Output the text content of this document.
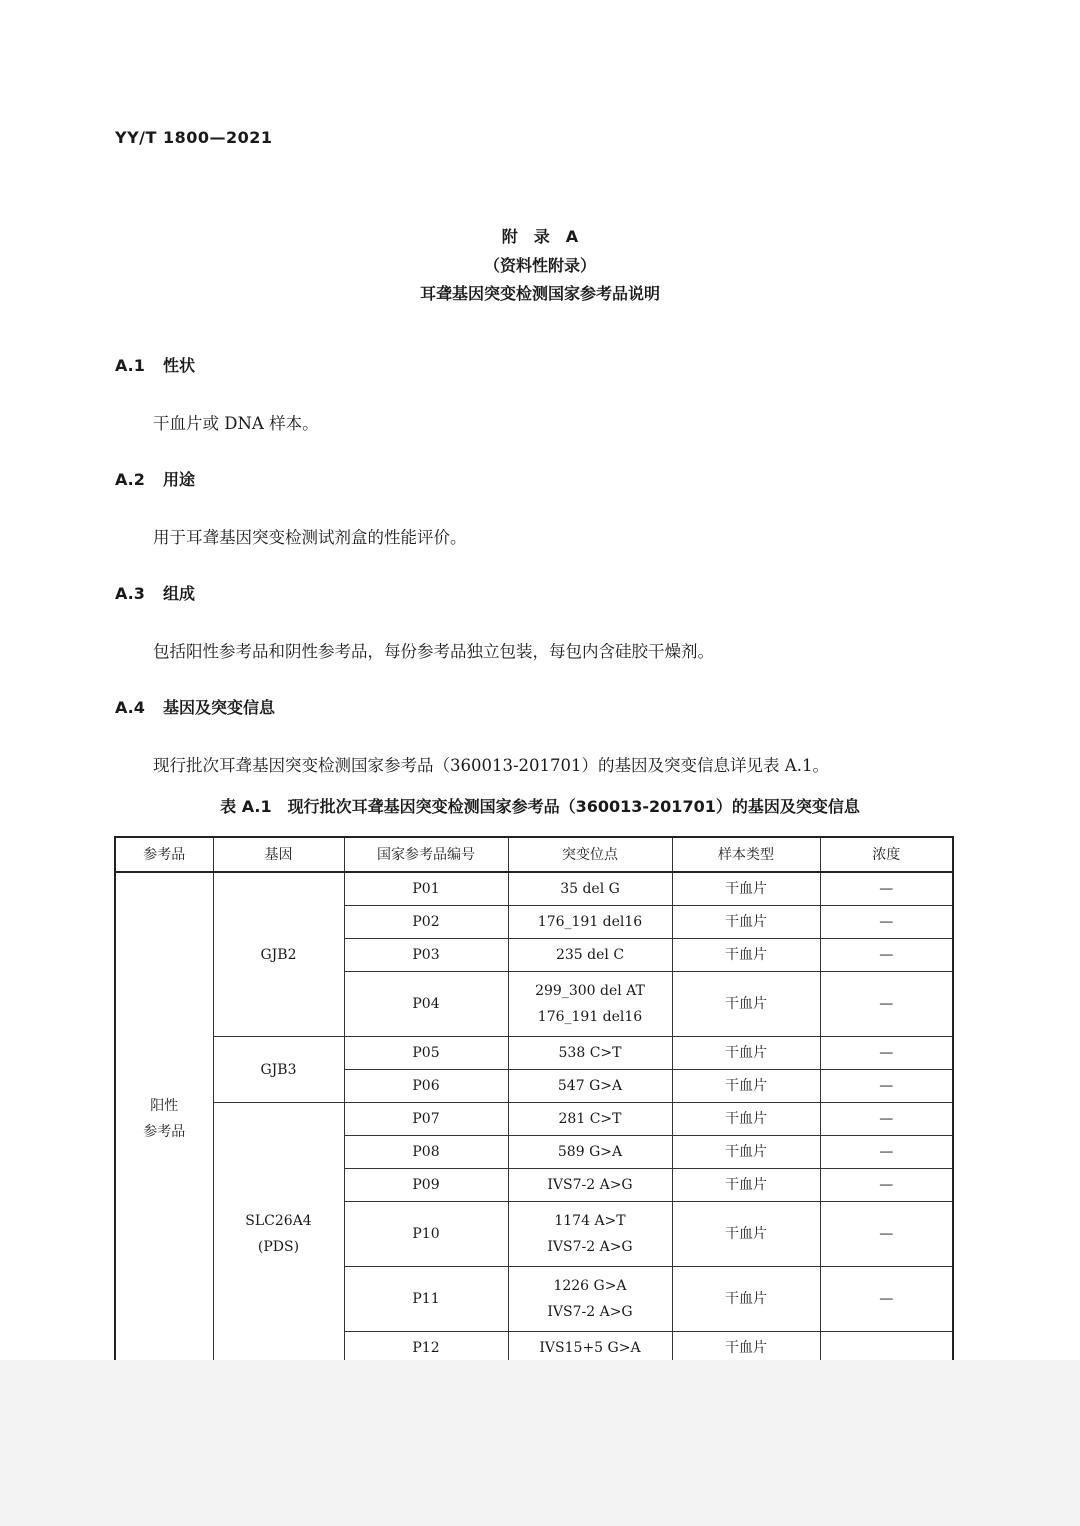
YY/T 1800—2021
附　录　A
（资料性附录）
耳聋基因突变检测国家参考品说明
A.1 性状
干血片或 DNA 样本。
A.2 用途
用于耳聋基因突变检测试剂盒的性能评价。
A.3 组成
包括阳性参考品和阴性参考品，每份参考品独立包装，每包内含硅胶干燥剂。
A.4 基因及突变信息
现行批次耳聋基因突变检测国家参考品（360013-201701）的基因及突变信息详见表 A.1。
表 A.1　现行批次耳聋基因突变检测国家参考品（360013-201701）的基因及突变信息
参考品	基因	国家参考品编号	突变位点	样本类型	浓度

阳性
参考品	GJB2	P01	35 del G	干血片	—
		P02	176_191 del16	干血片	—
		P03	235 del C	干血片	—
		P04	299_300 del AT
176_191 del16	干血片	—
	GJB3	P05	538 C>T	干血片	—
		P06	547 G>A	干血片	—

	SLC26A4
(PDS)	P07	281 C>T	干血片	—
		P08	589 G>A	干血片	—
		P09	IVS7-2 A>G	干血片	—
		P10	1174 A>T
IVS7-2 A>G	干血片	—
		P11	1226 G>A
IVS7-2 A>G	干血片	—
		P12	IVS15+5 G>A	干血片	
